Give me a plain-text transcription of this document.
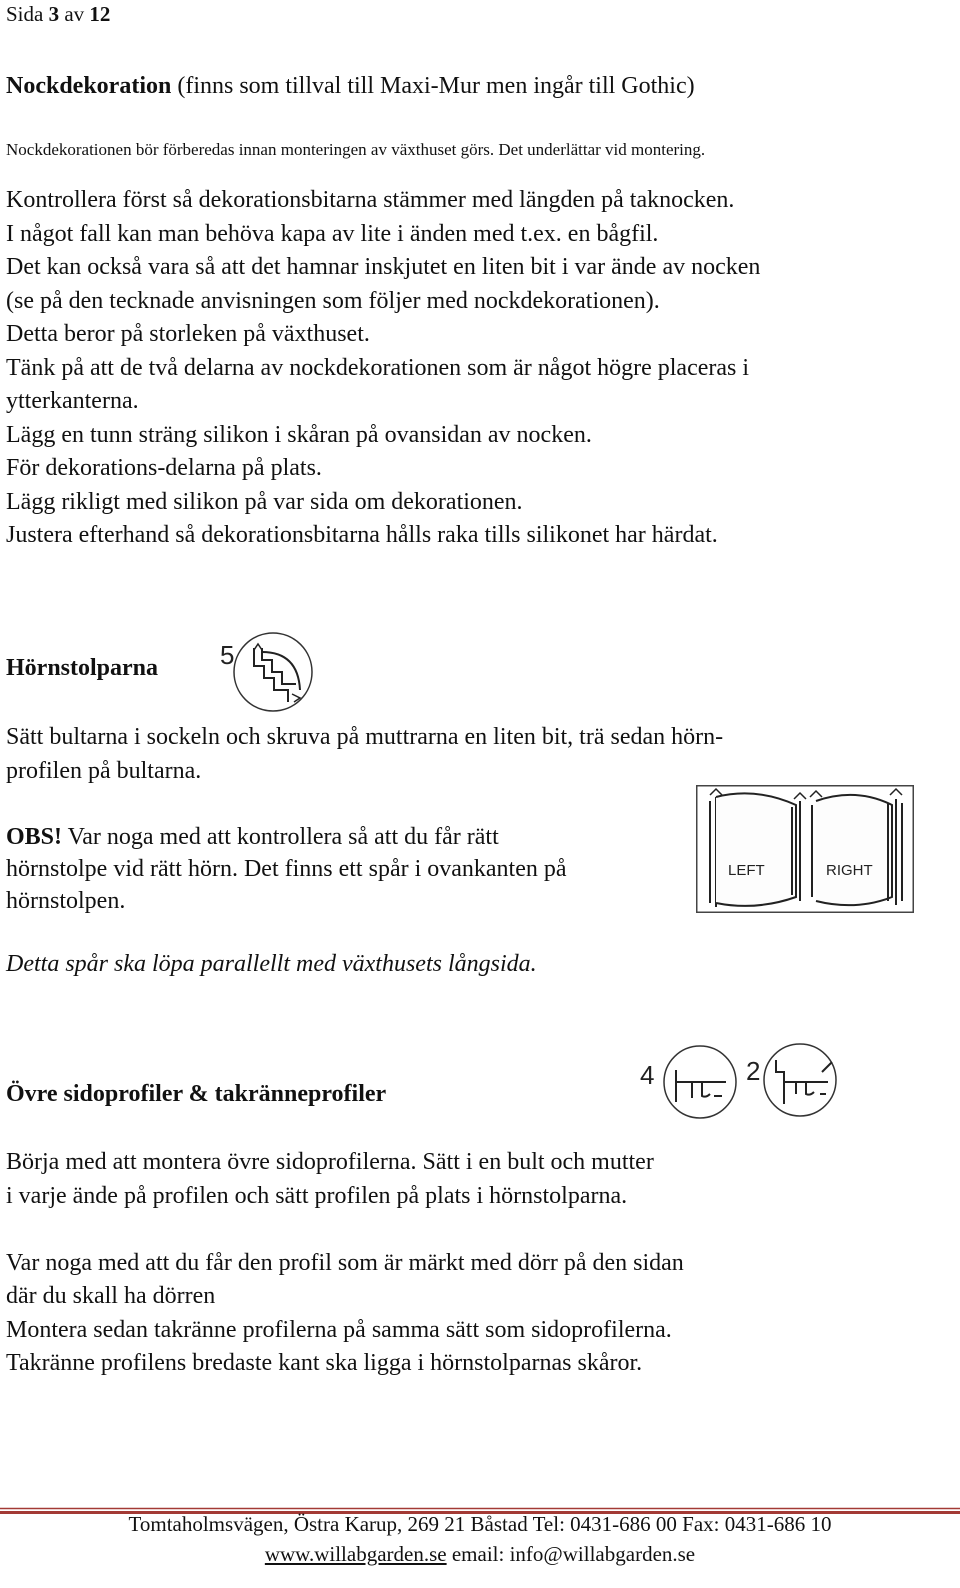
Sida 3 av 12
Nockdekoration (finns som tillval till Maxi-Mur men ingår till Gothic)
Nockdekorationen bör förberedas innan monteringen av växthuset görs. Det underlättar vid montering.
Kontrollera först så dekorationsbitarna stämmer med längden på taknocken.
I något fall kan man behöva kapa av lite i änden med t.ex. en bågfil.
Det kan också vara så att det hamnar inskjutet en liten bit i var ände av nocken
(se på den tecknade anvisningen som följer med nockdekorationen).
Detta beror på storleken på växthuset.
Tänk på att de två delarna av nockdekorationen som är något högre placeras i
ytterkanterna.
Lägg en tunn sträng silikon i skåran på ovansidan av nocken.
För dekorations-delarna på plats.
Lägg rikligt med silikon på var sida om dekorationen.
Justera efterhand så dekorationsbitarna hålls raka tills silikonet har härdat.
Hörnstolparna 5
Sätt bultarna i sockeln och skruva på muttrarna en liten bit, trä sedan hörn-
profilen på bultarna.
OBS! Var noga med att kontrollera så att du får rätt
hörnstolpe vid rätt hörn. Det finns ett spår i ovankanten på
hörnstolpen.
LEFT	RIGHT
Detta spår ska löpa parallellt med växthusets långsida.
Övre sidoprofiler & takränneprofiler
4	2
Börja med att montera övre sidoprofilerna. Sätt i en bult och mutter
i varje ände på profilen och sätt profilen på plats i hörnstolparna.
Var noga med att du får den profil som är märkt med dörr på den sidan
där du skall ha dörren
Montera sedan takränne profilerna på samma sätt som sidoprofilerna.
Takränne profilens bredaste kant ska ligga i hörnstolparnas skåror.
Tomtaholmsvägen, Östra Karup, 269 21 Båstad Tel: 0431-686 00 Fax: 0431-686 10
www.willabgarden.se email: info@willabgarden.se
